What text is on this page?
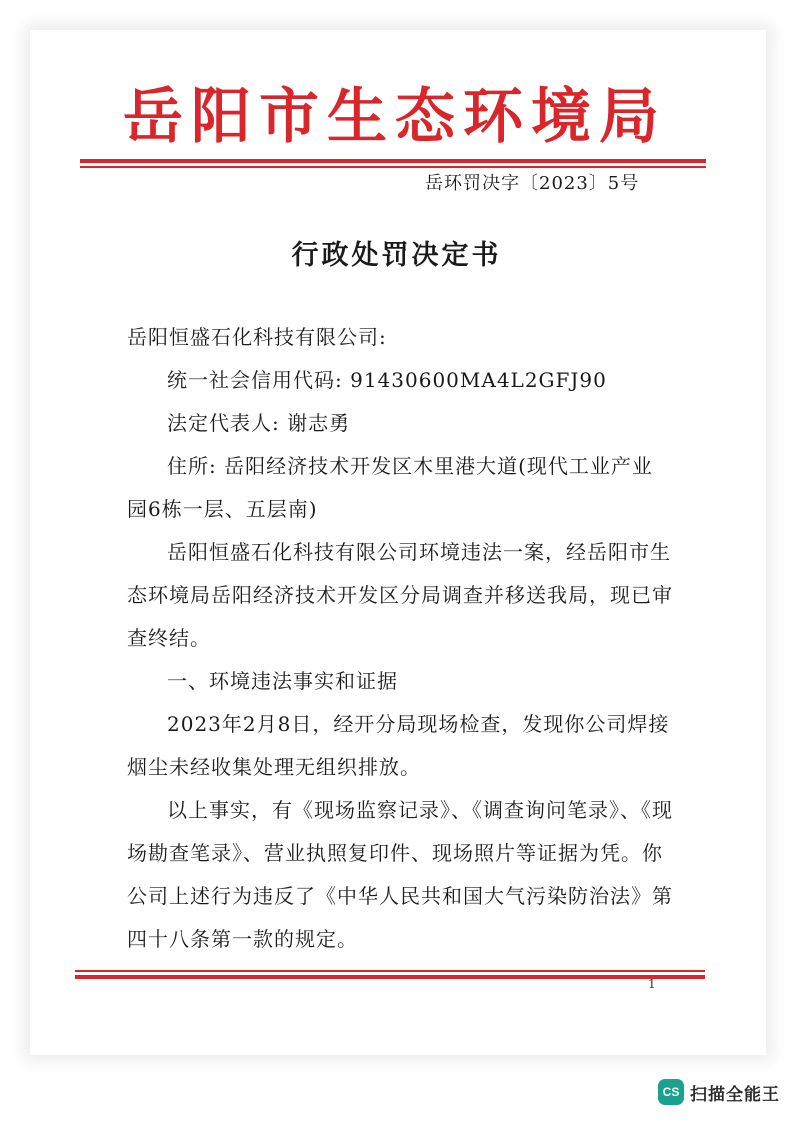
岳阳市生态环境局
岳环罚决字〔2023〕5号
行政处罚决定书
岳阳恒盛石化科技有限公司:
统一社会信用代码: 91430600MA4L2GFJ90
法定代表人: 谢志勇
住所: 岳阳经济技术开发区木里港大道(现代工业产业
园6栋一层、五层南)
岳阳恒盛石化科技有限公司环境违法一案，经岳阳市生
态环境局岳阳经济技术开发区分局调查并移送我局，现已审
查终结。
一、环境违法事实和证据
2023年2月8日，经开分局现场检查，发现你公司焊接
烟尘未经收集处理无组织排放。
以上事实，有《现场监察记录》、《调查询问笔录》、《现
场勘查笔录》、营业执照复印件、现场照片等证据为凭。你
公司上述行为违反了《中华人民共和国大气污染防治法》第
四十八条第一款的规定。
1
CS 扫描全能王
